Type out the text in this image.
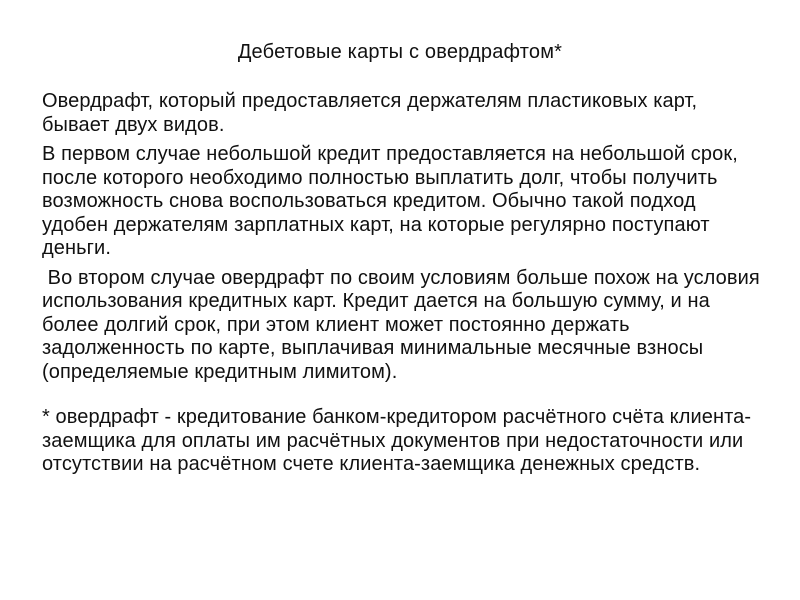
Дебетовые карты с овердрафтом*

Овердрафт, который предоставляется держателям пластиковых карт, бывает двух видов.

В первом случае небольшой кредит предоставляется на небольшой срок, после которого необходимо полностью выплатить долг, чтобы получить возможность снова воспользоваться кредитом. Обычно такой подход удобен держателям зарплатных карт, на которые регулярно поступают деньги.

Во втором случае овердрафт по своим условиям больше похож на условия использования кредитных карт. Кредит дается на большую сумму, и на более долгий срок, при этом клиент может постоянно держать задолженность по карте, выплачивая минимальные месячные взносы (определяемые кредитным лимитом).

* овердрафт - кредитование банком-кредитором расчётного счёта клиента-заемщика для оплаты им расчётных документов при недостаточности или отсутствии на расчётном счете клиента-заемщика денежных средств.
